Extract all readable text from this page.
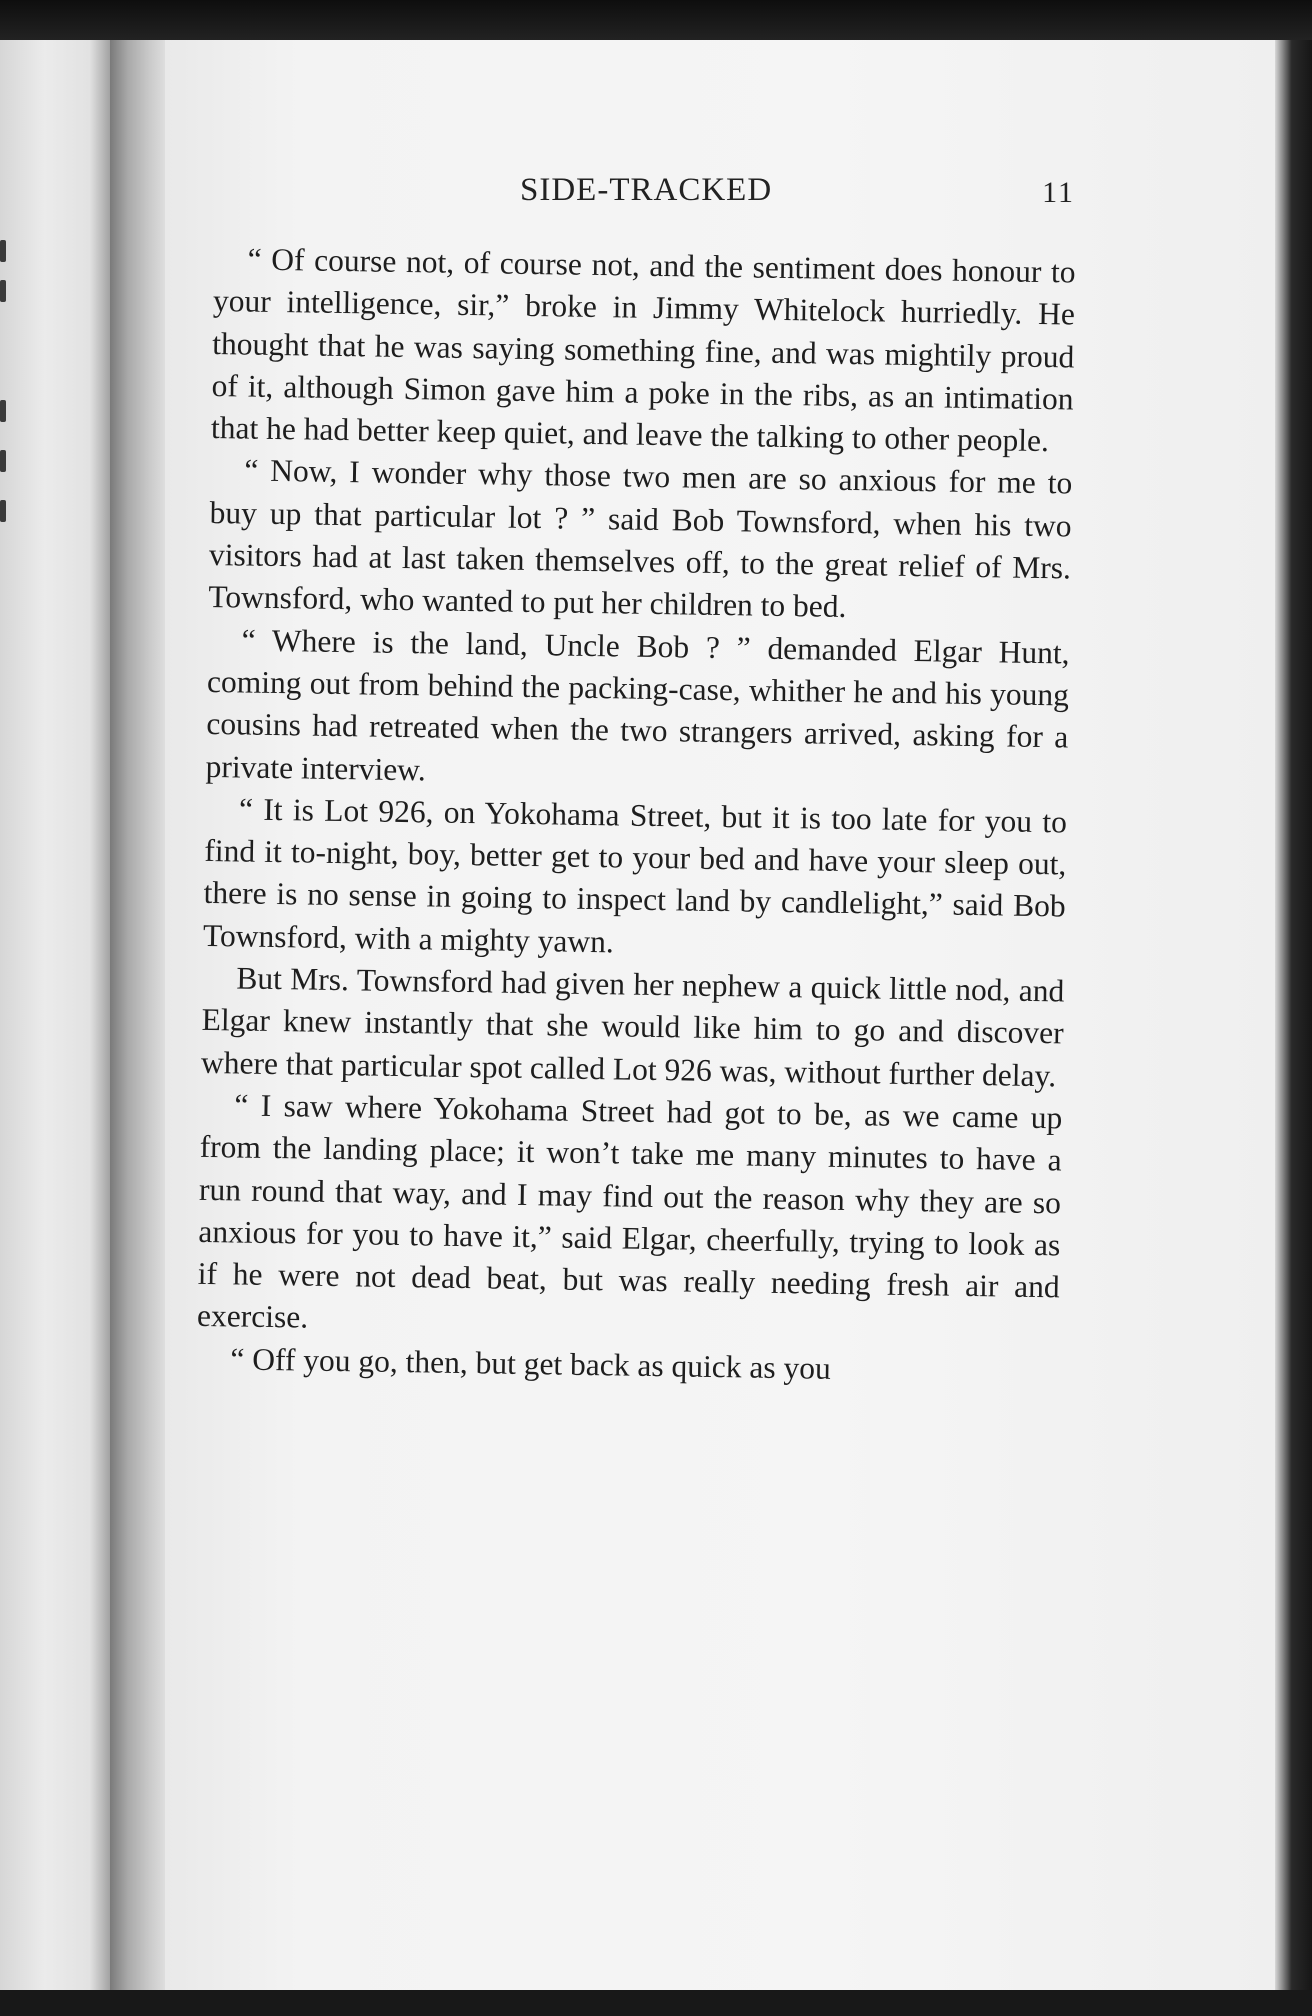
SIDE-TRACKED	11

“ Of course not, of course not, and the sentiment does honour to your intelligence, sir,” broke in Jimmy Whitelock hurriedly. He thought that he was saying something fine, and was mightily proud of it, although Simon gave him a poke in the ribs, as an intimation that he had better keep quiet, and leave the talking to other people.

“ Now, I wonder why those two men are so anxious for me to buy up that particular lot ? ” said Bob Townsford, when his two visitors had at last taken themselves off, to the great relief of Mrs. Townsford, who wanted to put her children to bed.

“ Where is the land, Uncle Bob ? ” demanded Elgar Hunt, coming out from behind the packing-case, whither he and his young cousins had retreated when the two strangers arrived, asking for a private interview.

“ It is Lot 926, on Yokohama Street, but it is too late for you to find it to-night, boy, better get to your bed and have your sleep out, there is no sense in going to inspect land by candlelight,” said Bob Townsford, with a mighty yawn.

But Mrs. Townsford had given her nephew a quick little nod, and Elgar knew instantly that she would like him to go and discover where that particular spot called Lot 926 was, without further delay.

“ I saw where Yokohama Street had got to be, as we came up from the landing place; it won’t take me many minutes to have a run round that way, and I may find out the reason why they are so anxious for you to have it,” said Elgar, cheerfully, trying to look as if he were not dead beat, but was really needing fresh air and exercise.

“ Off you go, then, but get back as quick as you
